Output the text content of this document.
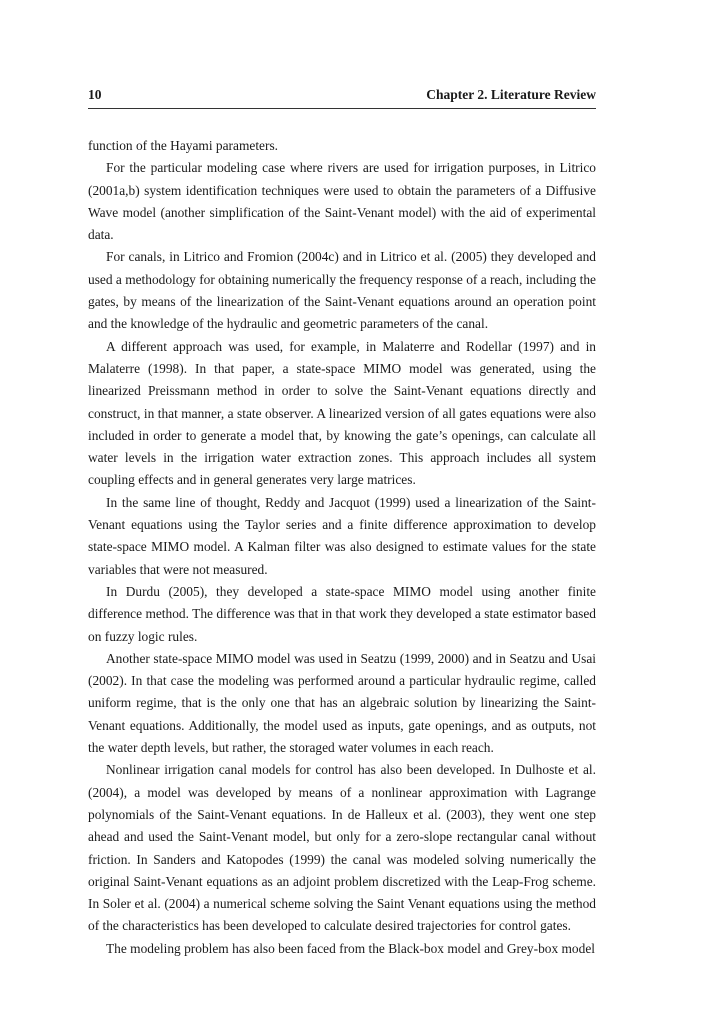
10	Chapter 2. Literature Review

function of the Hayami parameters.

For the particular modeling case where rivers are used for irrigation purposes, in Litrico (2001a,b) system identification techniques were used to obtain the parameters of a Diffusive Wave model (another simplification of the Saint-Venant model) with the aid of experimental data.

For canals, in Litrico and Fromion (2004c) and in Litrico et al. (2005) they developed and used a methodology for obtaining numerically the frequency response of a reach, including the gates, by means of the linearization of the Saint-Venant equations around an operation point and the knowledge of the hydraulic and geometric parameters of the canal.

A different approach was used, for example, in Malaterre and Rodellar (1997) and in Malaterre (1998). In that paper, a state-space MIMO model was generated, using the linearized Preissmann method in order to solve the Saint-Venant equations directly and construct, in that manner, a state observer. A linearized version of all gates equations were also included in order to generate a model that, by knowing the gate’s openings, can calculate all water levels in the irrigation water extraction zones. This approach includes all system coupling effects and in general generates very large matrices.

In the same line of thought, Reddy and Jacquot (1999) used a linearization of the Saint-Venant equations using the Taylor series and a finite difference approximation to develop state-space MIMO model. A Kalman filter was also designed to estimate values for the state variables that were not measured.

In Durdu (2005), they developed a state-space MIMO model using another finite difference method. The difference was that in that work they developed a state estimator based on fuzzy logic rules.

Another state-space MIMO model was used in Seatzu (1999, 2000) and in Seatzu and Usai (2002). In that case the modeling was performed around a particular hydraulic regime, called uniform regime, that is the only one that has an algebraic solution by linearizing the Saint-Venant equations. Additionally, the model used as inputs, gate openings, and as outputs, not the water depth levels, but rather, the storaged water volumes in each reach.

Nonlinear irrigation canal models for control has also been developed. In Dulhoste et al. (2004), a model was developed by means of a nonlinear approximation with Lagrange polynomials of the Saint-Venant equations. In de Halleux et al. (2003), they went one step ahead and used the Saint-Venant model, but only for a zero-slope rectangular canal without friction. In Sanders and Katopodes (1999) the canal was modeled solving numerically the original Saint-Venant equations as an adjoint problem discretized with the Leap-Frog scheme. In Soler et al. (2004) a numerical scheme solving the Saint Venant equations using the method of the characteristics has been developed to calculate desired trajectories for control gates.

The modeling problem has also been faced from the Black-box model and Grey-box model
